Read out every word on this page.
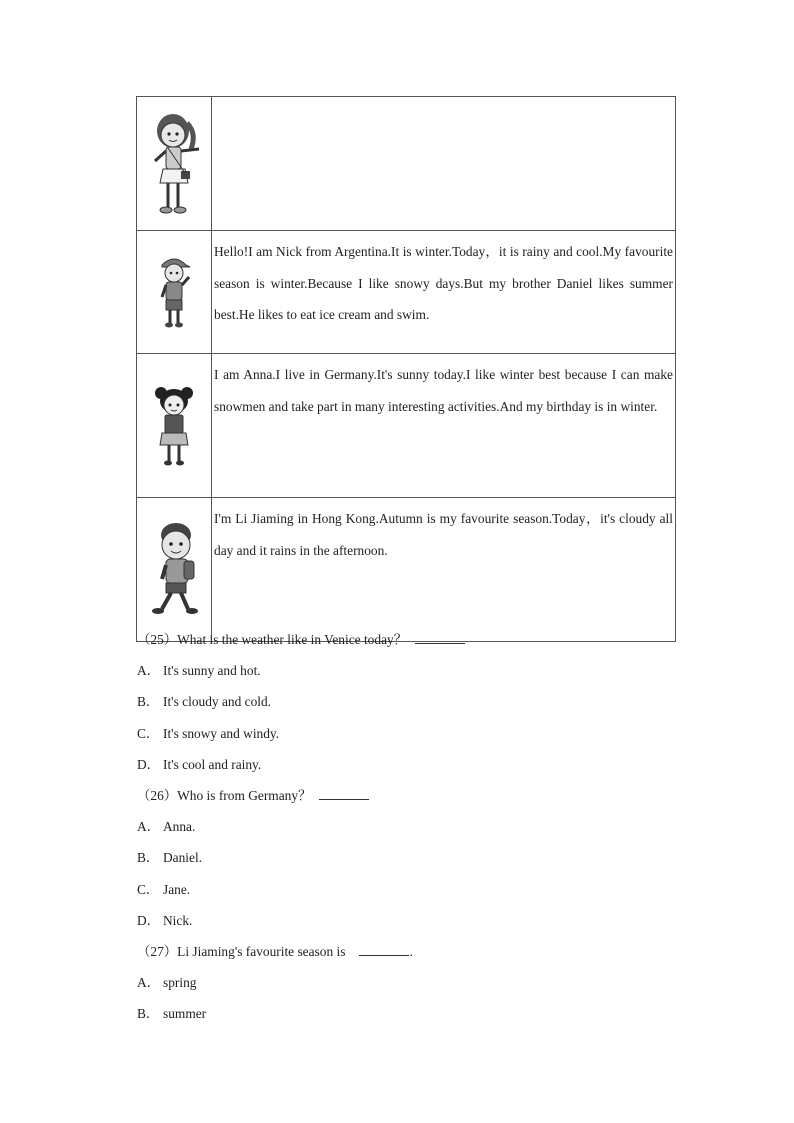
	Hello!I am Nick from Argentina.It is winter.Today，it is rainy and cool.My favourite season is winter.Because I like snowy days.But my brother Daniel likes summer best.He likes to eat ice cream and swim.

	I am Anna.I live in Germany.It's sunny today.I like winter best because I can make snowmen and take part in many interesting activities.And my birthday is in winter.

	I'm Li Jiaming in Hong Kong.Autumn is my favourite season.Today，it's cloudy all day and it rains in the afternoon.
（25）What is the weather like in Venice today？
A． It's sunny and hot.
B． It's cloudy and cold.
C． It's snowy and windy.
D． It's cool and rainy.
（26）Who is from Germany？
A． Anna.
B． Daniel.
C． Jane.
D． Nick.
（27）Li Jiaming's favourite season is	.
A． spring
B． summer
